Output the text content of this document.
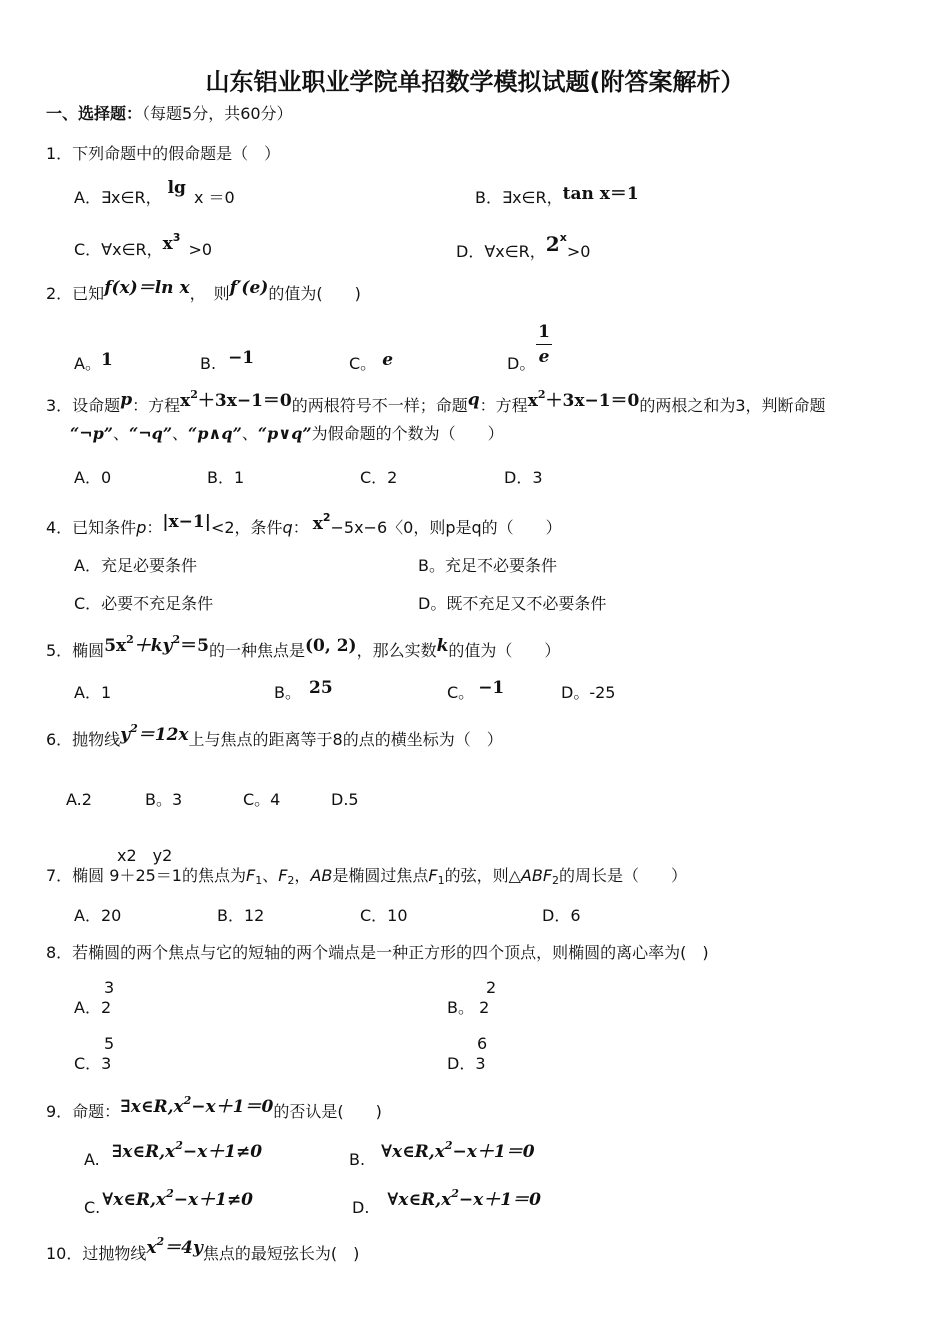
山东铝业职业学院单招数学模拟试题(附答案解析）
一、选择题：（每题5分，共60分）
1．下列命题中的假命题是（　）
A．∃x∈R， lg x ＝0	B．∃x∈R，tan x＝1
C．∀x∈R，$x^3>0$	D．∀x∈R，$2^x>0$
2．已知f(x)＝ln x，　则f′(e)的值为(　　)
A。1	B. −1	C。 e	D。
1
e
3．设命题p：方程$x^2+3x-1=0$的两根符号不一样；命题q：方程$x^2+3x-1=0$的两根之和为3，判断命题
“¬p”、“¬q”、“p∧q”、“p∨q”为假命题的个数为（　　）
A．0	B．1	C．2	D．3
4．已知条件p：|x−1|<2，条件q： $x^2-5x-6$〈0，则p是q的（　　）
A．充足必要条件	B。充足不必要条件
C．必要不充足条件	D。既不充足又不必要条件
5．椭圆$5x^2+ky^2=5$的一种焦点是(0, 2)，那么实数k的值为（　　）
A．1	B。 25	C。 −1	D。-25
6．抛物线$y^2=12x$上与焦点的距离等于8的点的横坐标为（　）
A.2	B。3	C。4	D.5
x2　y2
7．椭圆 9＋25＝1的焦点为$F_1$、$F_2$，AB是椭圆过焦点$F_1$的弦，则$\triangle ABF_2$的周长是（　　）
A．20	B．12	C．10	D．6
8．若椭圆的两个焦点与它的短轴的两个端点是一种正方形的四个顶点，则椭圆的离心率为(　)
3
A．2
2
B。 2
5
C．3
6
D．3
9．命题：$\exists x\in R,x^2-x+1=0$的否认是(　　)
A. $\exists x\in R,x^2-x+1\ne 0$	B. $\forall x\in R,x^2-x+1=0$
C. $\forall x\in R,x^2-x+1\ne 0$	D. $\forall x\in R,x^2-x+1=0$
10．过抛物线$x^2=4y$焦点的最短弦长为(　)
